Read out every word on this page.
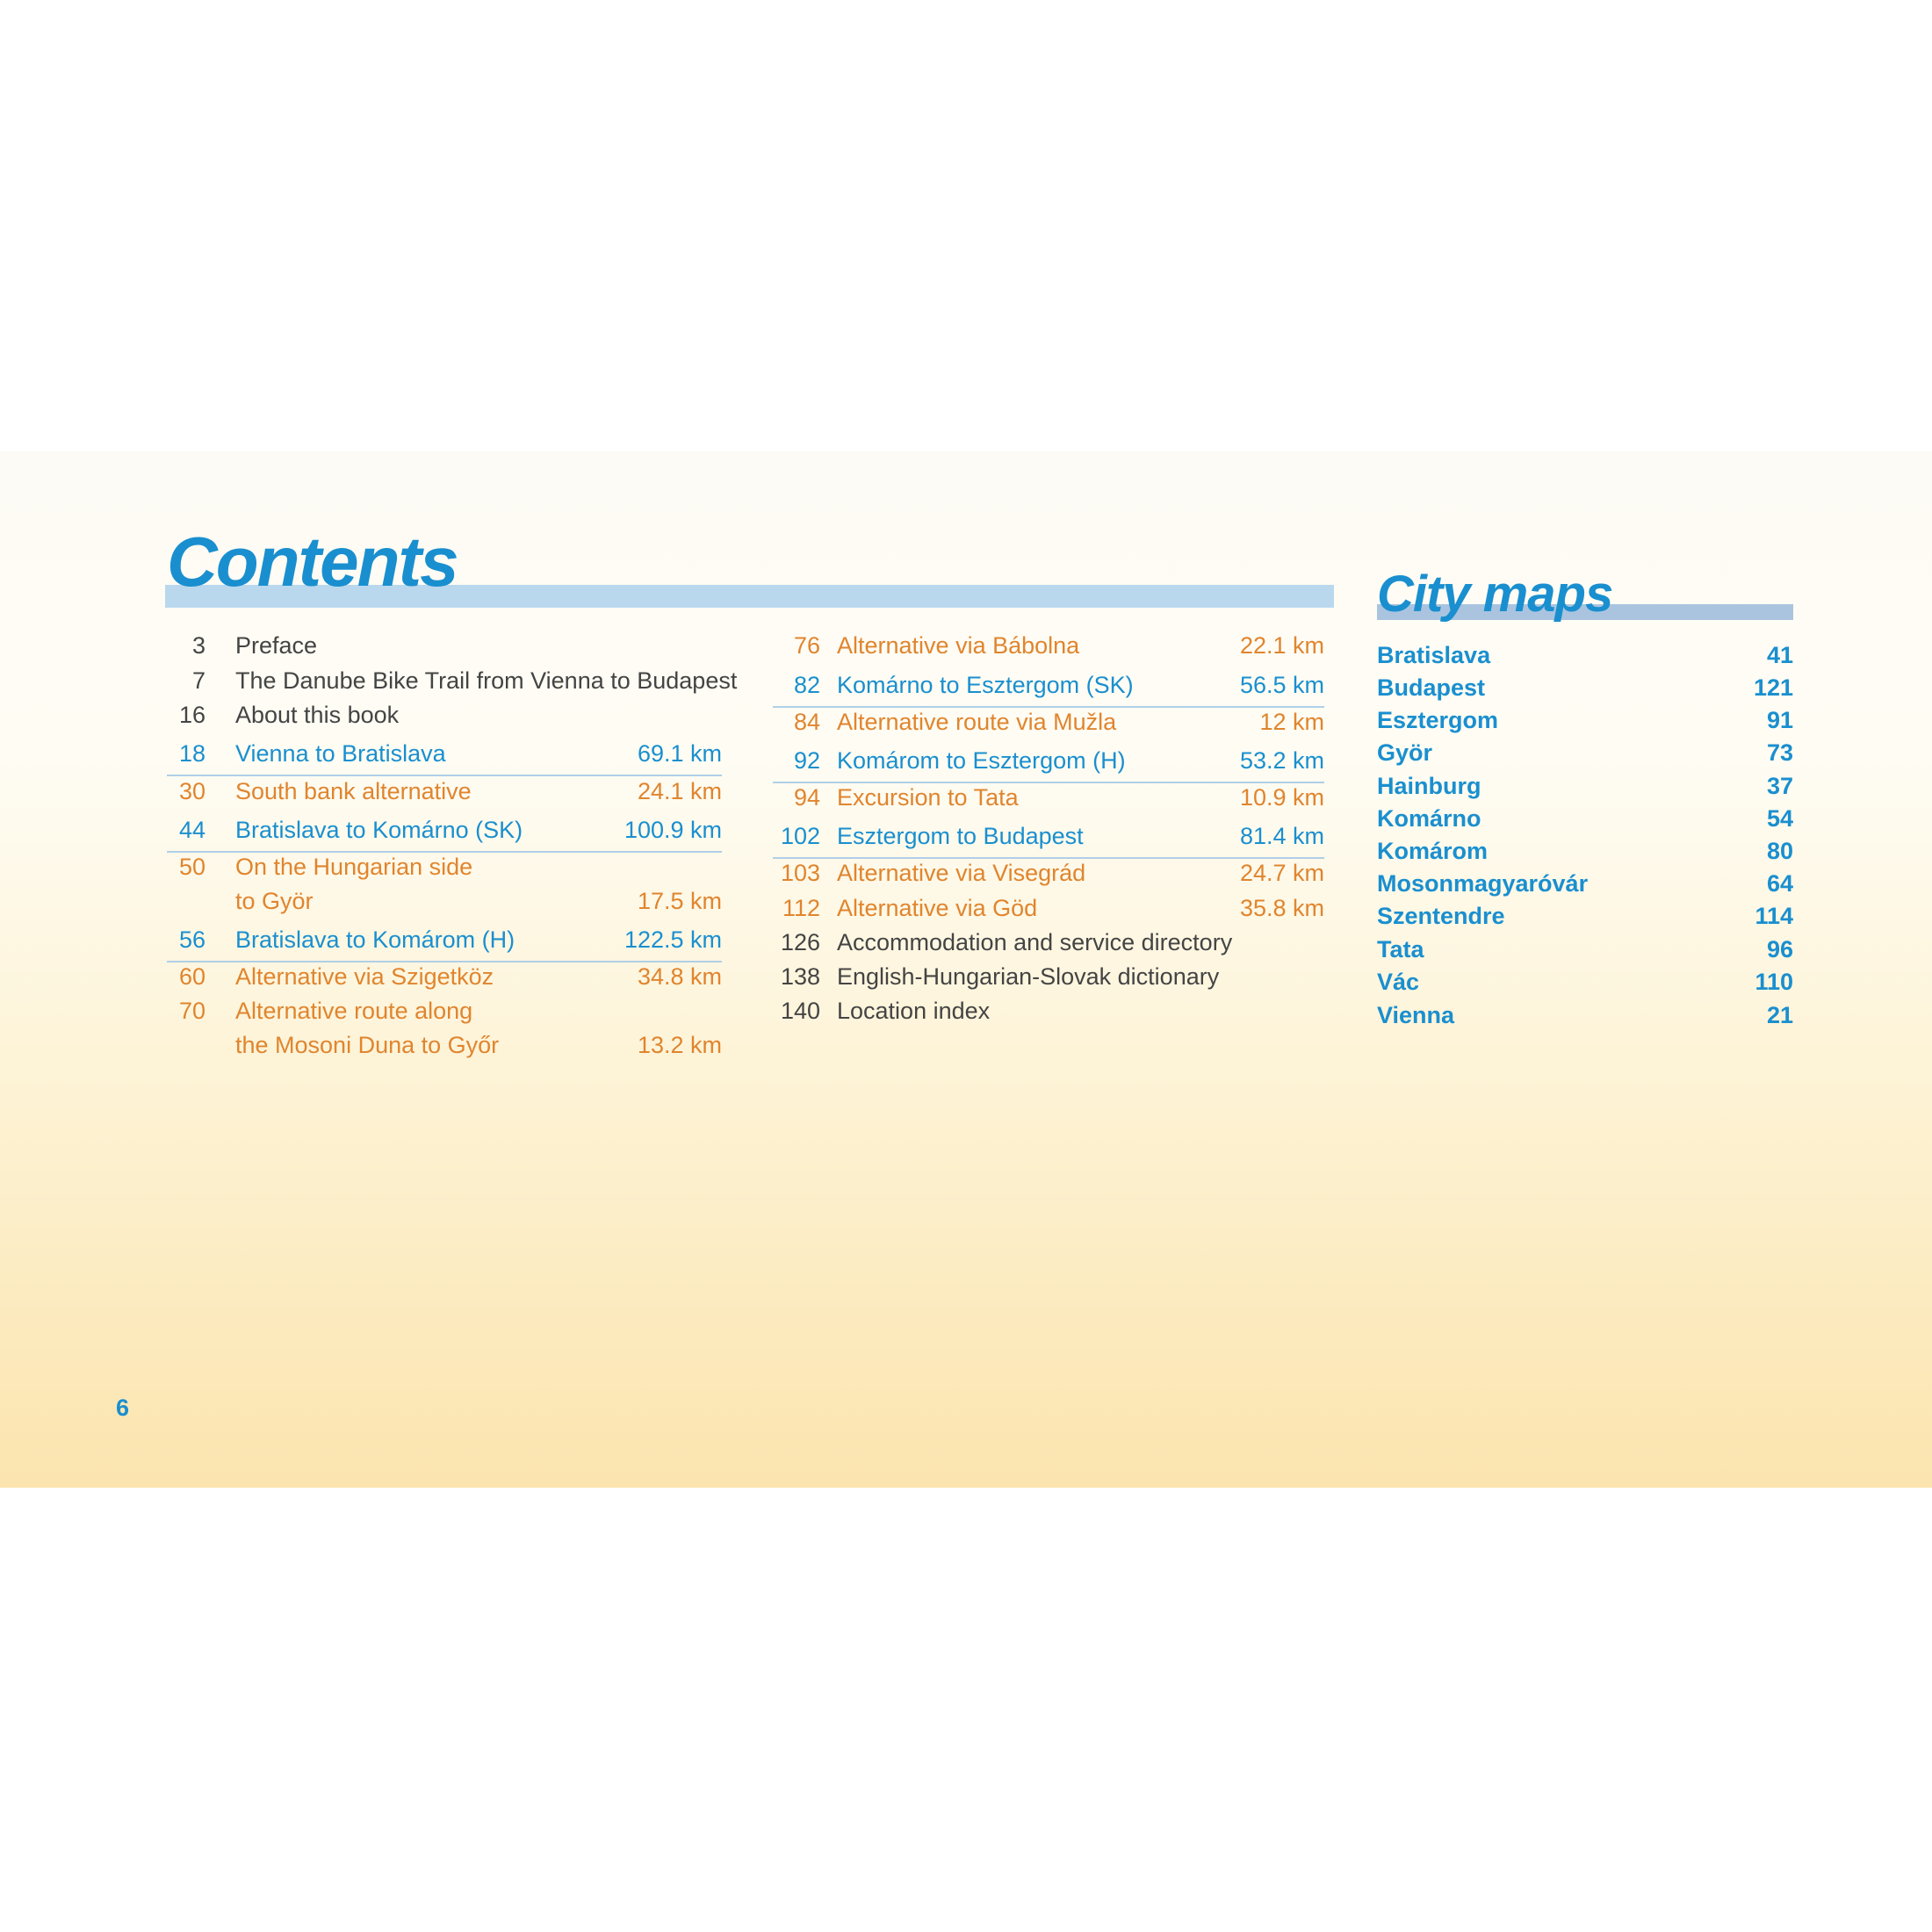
Contents	City maps
3 Preface
7 The Danube Bike Trail from Vienna to Budapest
16 About this book
18 Vienna to Bratislava	69.1 km
30 South bank alternative	24.1 km
44 Bratislava to Komárno (SK)	100.9 km
50 On the Hungarian side
to Györ	17.5 km
56 Bratislava to Komárom (H)	122.5 km
60 Alternative via Szigetköz	34.8 km
70 Alternative route along
the Mosoni Duna to Győr	13.2 km
76 Alternative via Bábolna	22.1 km
82 Komárno to Esztergom (SK)	56.5 km
84 Alternative route via Mužla	12 km
92 Komárom to Esztergom (H)	53.2 km
94 Excursion to Tata	10.9 km
102 Esztergom to Budapest	81.4 km
103 Alternative via Visegrád	24.7 km
112 Alternative via Göd	35.8 km
126 Accommodation and service directory
138 English-Hungarian-Slovak dictionary
140 Location index
Bratislava	41
Budapest	121
Esztergom	91
Györ	73
Hainburg	37
Komárno	54
Komárom	80
Mosonmagyaróvár	64
Szentendre	114
Tata	96
Vác	110
Vienna	21
6
